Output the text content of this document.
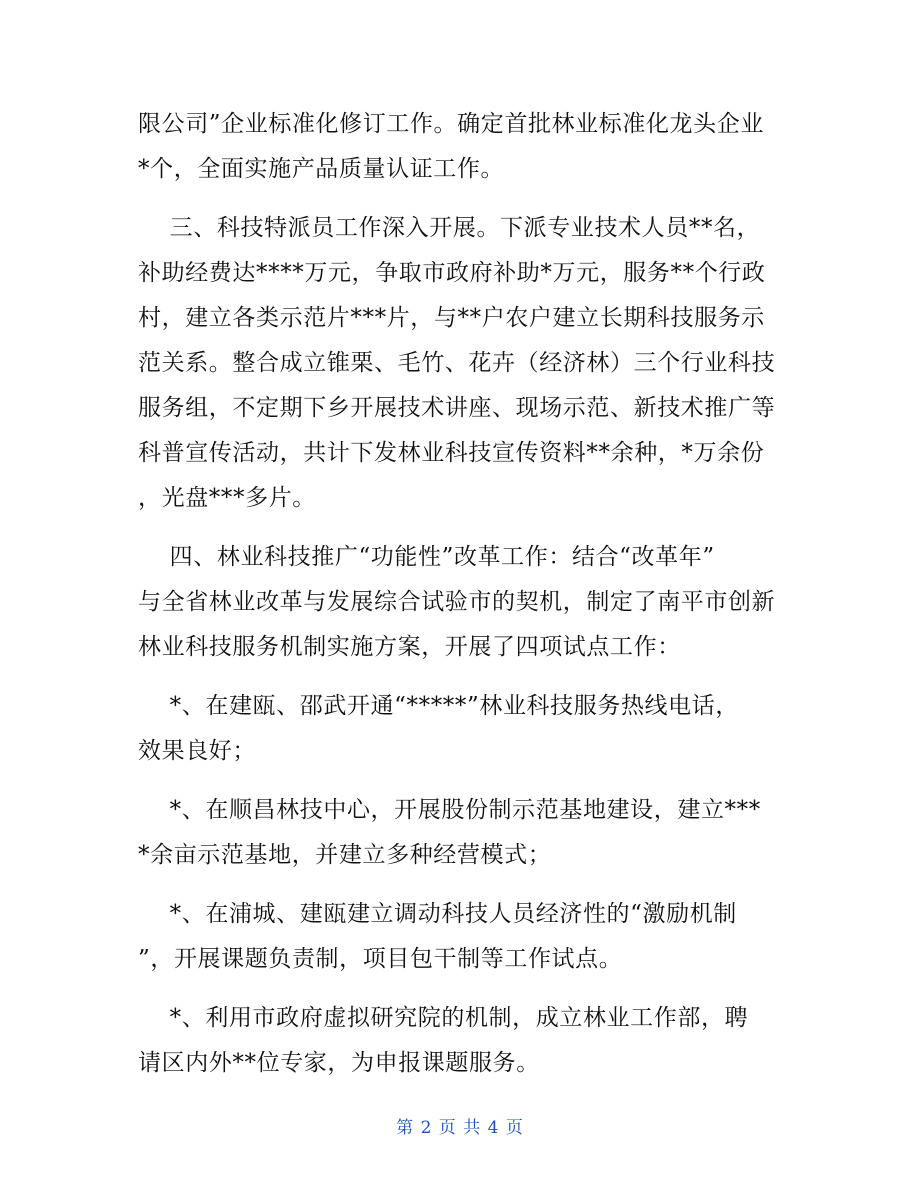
限公司”企业标准化修订工作。确定首批林业标准化龙头企业
*个，全面实施产品质量认证工作。
三、科技特派员工作深入开展。下派专业技术人员**名，
补助经费达****万元，争取市政府补助*万元，服务**个行政
村，建立各类示范片***片，与**户农户建立长期科技服务示
范关系。整合成立锥栗、毛竹、花卉（经济林）三个行业科技
服务组，不定期下乡开展技术讲座、现场示范、新技术推广等
科普宣传活动，共计下发林业科技宣传资料**余种，*万余份
，光盘***多片。
四、林业科技推广“功能性”改革工作：结合“改革年”
与全省林业改革与发展综合试验市的契机，制定了南平市创新
林业科技服务机制实施方案，开展了四项试点工作：
*、在建瓯、邵武开通“*****”林业科技服务热线电话，
效果良好；
*、在顺昌林技中心，开展股份制示范基地建设，建立***
*余亩示范基地，并建立多种经营模式；
*、在浦城、建瓯建立调动科技人员经济性的“激励机制
”，开展课题负责制，项目包干制等工作试点。
*、利用市政府虚拟研究院的机制，成立林业工作部，聘
请区内外**位专家，为申报课题服务。
第 2 页 共 4 页
